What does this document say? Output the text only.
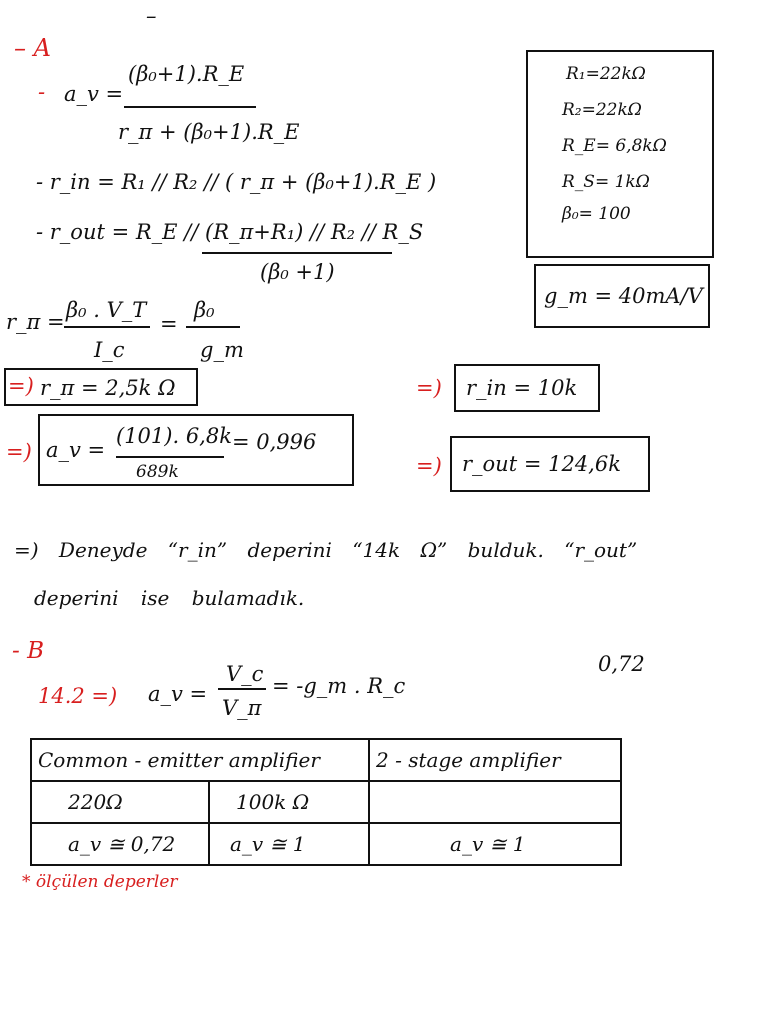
–
– A
- a_v =
(β₀+1).R_E
r_π + (β₀+1).R_E
- r_in = R₁ // R₂ // ( r_π + (β₀+1).R_E )
- r_out = R_E // (R_π+R₁) // R₂ // R_S
(β₀ +1)
r_π = β₀ . V_T
I_c
=
β₀
g_m
R₁=22kΩ
R₂=22kΩ
R_E= 6,8kΩ
R_S= 1kΩ
β₀= 100
g_m = 40mA/V
=) r_π = 2,5k Ω
=) a_v =
(101). 6,8k
689k
= 0,996
=) r_in = 10k
=) r_out = 124,6k
=) Deneyde “r_in” deperini “14k Ω” bulduk. “r_out”
deperini ise bulamadık.
- B
14.2 =) a_v =
V_c
V_π
= -g_m . R_c
0,72
Common - emitter amplifier		2 - stage amplifier
220Ω	100k Ω	
a_v ≅ 0,72	a_v ≅ 1	a_v ≅ 1
* ölçülen deperler
